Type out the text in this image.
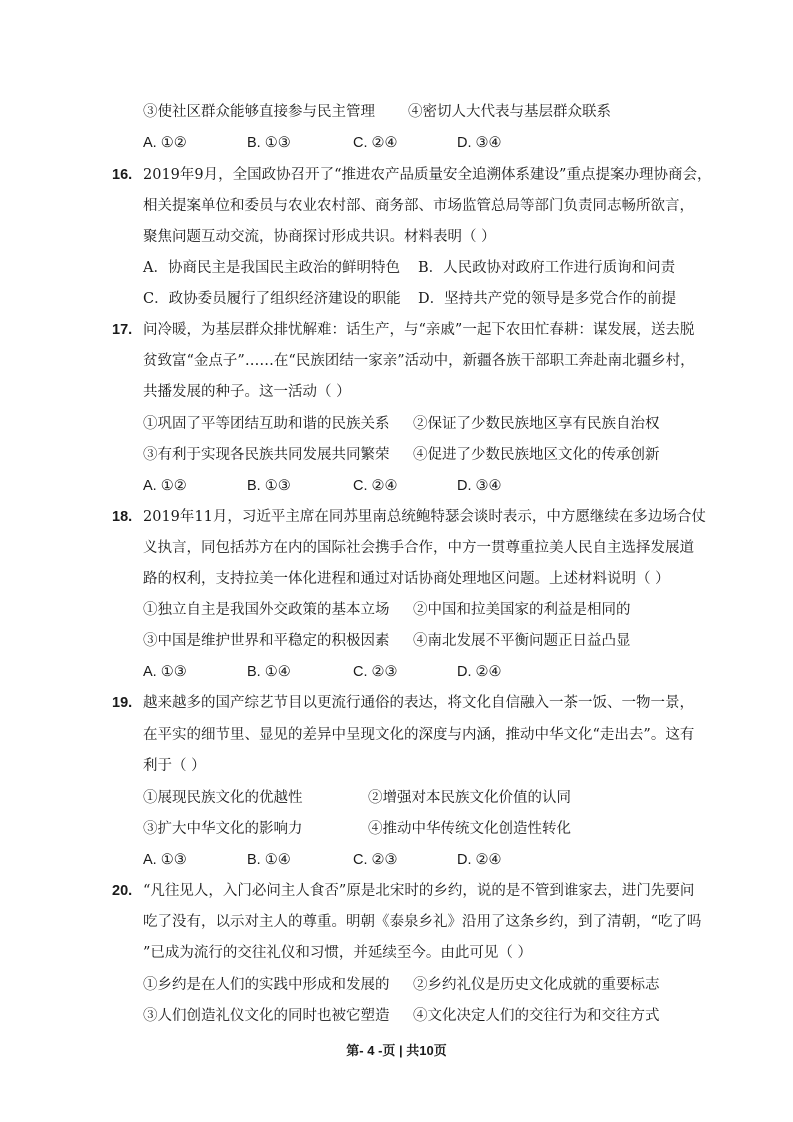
③使社区群众能够直接参与民主管理 ④密切人大代表与基层群众联系
A. ①②	B. ①③	C. ②④	D. ③④
16. 2019年9月，全国政协召开了“推进农产品质量安全追溯体系建设”重点提案办理协商会，
相关提案单位和委员与农业农村部、商务部、市场监管总局等部门负责同志畅所欲言，
聚焦问题互动交流，协商探讨形成共识。材料表明（ ）
A．协商民主是我国民主政治的鲜明特色 B．人民政协对政府工作进行质询和问责
C．政协委员履行了组织经济建设的职能 D．坚持共产党的领导是多党合作的前提
17. 问冷暖，为基层群众排忧解难：话生产，与“亲戚”一起下农田忙春耕：谋发展，送去脱
贫致富“金点子”……在“民族团结一家亲”活动中，新疆各族干部职工奔赴南北疆乡村，
共播发展的种子。这一活动（ ）
①巩固了平等团结互助和谐的民族关系 ②保证了少数民族地区享有民族自治权
③有利于实现各民族共同发展共同繁荣 ④促进了少数民族地区文化的传承创新
A. ①②	B. ①③	C. ②④	D. ③④
18. 2019年11月，习近平主席在同苏里南总统鲍特瑟会谈时表示，中方愿继续在多边场合仗
义执言，同包括苏方在内的国际社会携手合作，中方一贯尊重拉美人民自主选择发展道
路的权利，支持拉美一体化进程和通过对话协商处理地区问题。上述材料说明（ ）
①独立自主是我国外交政策的基本立场 ②中国和拉美国家的利益是相同的
③中国是维护世界和平稳定的积极因素 ④南北发展不平衡问题正日益凸显
A. ①③	B. ①④	C. ②③	D. ②④
19. 越来越多的国产综艺节目以更流行通俗的表达，将文化自信融入一茶一饭、一物一景，
在平实的细节里、显见的差异中呈现文化的深度与内涵，推动中华文化“走出去”。这有
利于（ ）
①展现民族文化的优越性	②增强对本民族文化价值的认同
③扩大中华文化的影响力	④推动中华传统文化创造性转化
A. ①③	B. ①④	C. ②③	D. ②④
20. “凡往见人，入门必问主人食否”原是北宋时的乡约，说的是不管到谁家去，进门先要问
吃了没有，以示对主人的尊重。明朝《泰泉乡礼》沿用了这条乡约，到了清朝，“吃了吗
”已成为流行的交往礼仪和习惯，并延续至今。由此可见（ ）
①乡约是在人们的实践中形成和发展的 ②乡约礼仪是历史文化成就的重要标志
③人们创造礼仪文化的同时也被它塑造 ④文化决定人们的交往行为和交往方式
第- 4 -页 | 共10页
